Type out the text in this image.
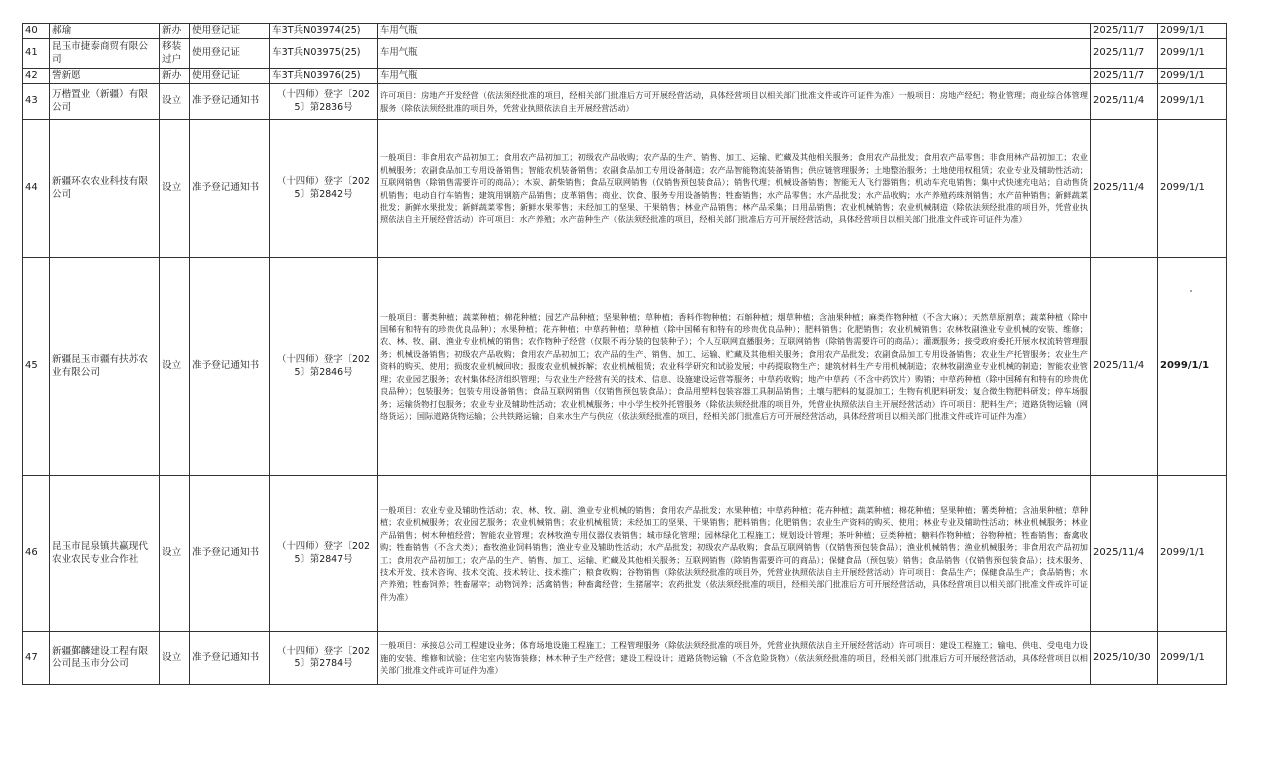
40	郝瑜	新办	使用登记证	车3T兵N03974(25)	车用气瓶	2025/11/7	2099/1/1
41	昆玉市捷泰商贸有限公司	移装过户	使用登记证	车3T兵N03975(25)	车用气瓶	2025/11/7	2099/1/1
42	訾新愿	新办	使用登记证	车3T兵N03976(25)	车用气瓶	2025/11/7	2099/1/1
43	万楷置业（新疆）有限公司	设立	准予登记通知书	（十四师）登字〔2025〕第2836号	许可项目：房地产开发经营（依法须经批准的项目，经相关部门批准后方可开展经营活动，具体经营项目以相关部门批准文件或许可证件为准）一般项目：房地产经纪；物业管理；商业综合体管理服务（除依法须经批准的项目外，凭营业执照依法自主开展经营活动）	2025/11/4	2099/1/1
44	新疆环农农业科技有限公司	设立	准予登记通知书	（十四师）登字〔2025〕第2842号	一般项目：非食用农产品初加工；食用农产品初加工；初级农产品收购；农产品的生产、销售、加工、运输、贮藏及其他相关服务；食用农产品批发；食用农产品零售；非食用林产品初加工；农业机械服务；农副食品加工专用设备销售；智能农机装备销售；农副食品加工专用设备制造；农产品智能物流装备销售；供应链管理服务；土地整治服务；土地使用权租赁；农业专业及辅助性活动；互联网销售（除销售需要许可的商品）；木炭、薪柴销售；食品互联网销售（仅销售预包装食品）；销售代理；机械设备销售；智能无人飞行器销售；机动车充电销售；集中式快速充电站；自动售货机销售；电动自行车销售；建筑用钢筋产品销售；皮革销售；商业、饮食、服务专用设备销售；牲畜销售；水产品零售；水产品批发；水产品收购；水产养殖药珠剂销售；水产苗种销售；新鲜蔬菜批发；新鲜水果批发；新鲜蔬菜零售；新鲜水果零售；未经加工的坚果、干果销售；林业产品销售；林产品采集；日用品销售；农业机械销售；农业机械制造（除依法须经批准的项目外，凭营业执照依法自主开展经营活动）许可项目：水产养殖；水产苗种生产（依法须经批准的项目，经相关部门批准后方可开展经营活动，具体经营项目以相关部门批准文件或许可证件为准）	2025/11/4	2099/1/1
45	新疆昆玉市疆有扶苏农业有限公司	设立	准予登记通知书	（十四师）登字〔2025〕第2846号	一般项目：薯类种植；蔬菜种植；棉花种植；园艺产品种植；坚果种植；草种植；香料作物种植；石斛种植；烟草种植；含油果种植；麻类作物种植（不含大麻）；天然草原割草；蔬菜种植（除中国稀有和特有的珍贵优良品种）；水果种植；花卉种植；中草药种植；草种植（除中国稀有和特有的珍贵优良品种）；肥料销售；化肥销售；农业机械销售；农林牧副渔业专业机械的安装、维修；农、林、牧、副、渔业专业机械的销售；农作物种子经营（仅限不再分装的包装种子）；个人互联网直播服务；互联网销售（除销售需要许可的商品）；灌溉服务；接受政府委托开展水权流转管理服务；机械设备销售；初级农产品收购；食用农产品初加工；农产品的生产、销售、加工、运输、贮藏及其他相关服务；食用农产品批发；农副食品加工专用设备销售；农业生产托管服务；农业生产资料的购买、使用；损废农业机械回收；报废农业机械拆解；农业机械租赁；农业科学研究和试验发展；中药提取物生产；建筑材料生产专用机械制造；农林牧副渔业专业机械的制造；智能农业管理；农业园艺服务；农村集体经济组织管理；与农业生产经营有关的技术、信息、设施建设运营等服务；中草药收购；地产中草药（不含中药饮片）购销；中草药种植（除中国稀有和特有的珍贵优良品种）；包装服务；包装专用设备销售；食品互联网销售（仅销售预包装食品）；食品用塑料包装容器工具制品销售；土壤与肥料的复混加工；生物有机肥料研发；复合微生物肥料研发；停车场服务；运输货物打包服务；农业专业及辅助性活动；农业机械服务；中小学生校外托管服务（除依法须经批准的项目外，凭营业执照依法自主开展经营活动）许可项目：肥料生产；道路货物运输（网络货运）；国际道路货物运输；公共铁路运输；自来水生产与供应（依法须经批准的项目，经相关部门批准后方可开展经营活动，具体经营项目以相关部门批准文件或许可证件为准）	2025/11/4	2099/1/1
46	昆玉市昆泉镇共赢现代农业农民专业合作社	设立	准予登记通知书	（十四师）登字〔2025〕第2847号	一般项目：农业专业及辅助性活动；农、林、牧、副、渔业专业机械的销售；食用农产品批发；水果种植；中草药种植；花卉种植；蔬菜种植；棉花种植；坚果种植；薯类种植；含油果种植；草种植；农业机械服务；农业园艺服务；农业机械销售；农业机械租赁；未经加工的坚果、干果销售；肥料销售；化肥销售；农业生产资料的购买、使用；林业专业及辅助性活动；林业机械服务；林业产品销售；树木种植经营；智能农业管理；农林牧渔专用仪器仪表销售；城市绿化管理；园林绿化工程施工；规划设计管理；茶叶种植；豆类种植；糖料作物种植；谷物种植；牲畜销售；畜禽收购；牲畜销售（不含犬类）；畜牧渔业饲料销售；渔业专业及辅助性活动；水产品批发；初级农产品收购；食品互联网销售（仅销售预包装食品）；渔业机械销售；渔业机械服务；非食用农产品初加工；食用农产品初加工；农产品的生产、销售、加工、运输、贮藏及其他相关服务；互联网销售（除销售需要许可的商品）；保健食品（预包装）销售；食品销售（仅销售预包装食品）；技术服务、技术开发、技术咨询、技术交流、技术转让、技术推广；粮食收购；谷物销售（除依法须经批准的项目外，凭营业执照依法自主开展经营活动）许可项目：食品生产；保健食品生产；食品销售；水产养殖；牲畜饲养；牲畜屠宰；动物饲养；活禽销售；种畜禽经营；生猪屠宰；农药批发（依法须经批准的项目，经相关部门批准后方可开展经营活动，具体经营项目以相关部门批准文件或许可证件为准）	2025/11/4	2099/1/1
47	新疆鄞麟建设工程有限公司昆玉市分公司	设立	准予登记通知书	（十四师）登字〔2025〕第2784号	一般项目：承接总公司工程建设业务；体育场地设施工程施工；工程管理服务（除依法须经批准的项目外，凭营业执照依法自主开展经营活动）许可项目：建设工程施工；输电、供电、受电电力设施的安装、维修和试验；住宅室内装饰装修；林木种子生产经营；建设工程设计；道路货物运输（不含危险货物）（依法须经批准的项目，经相关部门批准后方可开展经营活动，具体经营项目以相关部门批准文件或许可证件为准）	2025/10/30	2099/1/1
